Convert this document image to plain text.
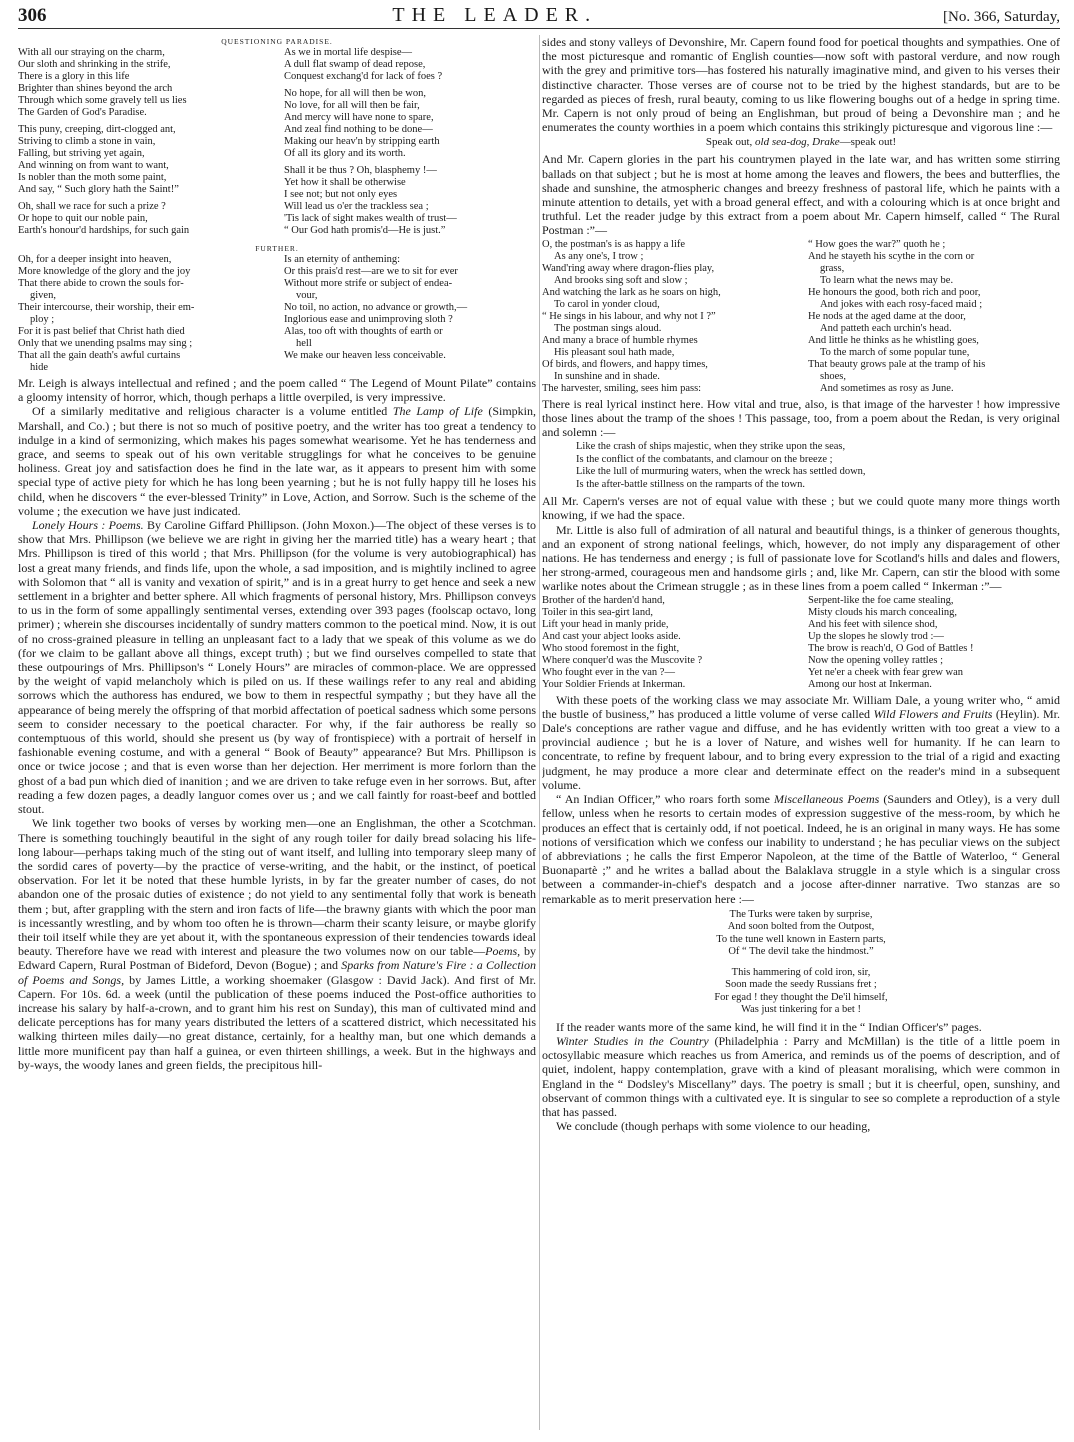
306	THE LEADER.	[No. 366, Saturday,
QUESTIONING PARADISE.
With all our straying on the charm,
Our sloth and shrinking in the strife,
There is a glory in this life
Brighter than shines beyond the arch
Through which some gravely tell us lies
The Garden of God's Paradise.
This puny, creeping, dirt-clogged ant,
Striving to climb a stone in vain,
Falling, but striving yet again,
And winning on from want to want,
Is nobler than the moth some paint,
And say, “ Such glory hath the Saint!”
Oh, shall we race for such a prize ?
Or hope to quit our noble pain,
Earth's honour'd hardships, for such gain
As we in mortal life despise—
A dull flat swamp of dead repose,
Conquest exchang'd for lack of foes ?
No hope, for all will then be won,
No love, for all will then be fair,
And mercy will have none to spare,
And zeal find nothing to be done—
Making our heav'n by stripping earth
Of all its glory and its worth.
Shall it be thus ? Oh, blasphemy !—
Yet how it shall be otherwise
I see not; but not only eyes
Will lead us o'er the trackless sea ;
'Tis lack of sight makes wealth of trust—
“ Our God hath promis'd—He is just.”
FURTHER.
Oh, for a deeper insight into heaven,
More knowledge of the glory and the joy
That there abide to crown the souls for-
given,
Their intercourse, their worship, their em-
ploy ;
For it is past belief that Christ hath died
Only that we unending psalms may sing ;
That all the gain death's awful curtains
hide
Is an eternity of antheming:
Or this prais'd rest—are we to sit for ever
Without more strife or subject of endea-
vour,
No toil, no action, no advance or growth,—
Inglorious ease and unimproving sloth ?
Alas, too oft with thoughts of earth or
hell
We make our heaven less conceivable.

Mr. Leigh is always intellectual and refined ; and the poem called “ The Legend of Mount Pilate” contains a gloomy intensity of horror, which, though perhaps a little overpiled, is very impressive.

Of a similarly meditative and religious character is a volume entitled The Lamp of Life (Simpkin, Marshall, and Co.) ; but there is not so much of positive poetry, and the writer has too great a tendency to indulge in a kind of sermonizing, which makes his pages somewhat wearisome. Yet he has tenderness and grace, and seems to speak out of his own veritable strugglings for what he conceives to be genuine holiness. Great joy and satisfaction does he find in the late war, as it appears to present him with some special type of active piety for which he has long been yearning ; but he is not fully happy till he loses his child, when he discovers “ the ever-blessed Trinity” in Love, Action, and Sorrow. Such is the scheme of the volume ; the execution we have just indicated.

Lonely Hours : Poems. By Caroline Giffard Phillipson. (John Moxon.)—The object of these verses is to show that Mrs. Phillipson (we believe we are right in giving her the married title) has a weary heart ; that Mrs. Phillipson is tired of this world ; that Mrs. Phillipson (for the volume is very autobiographical) has lost a great many friends, and finds life, upon the whole, a sad imposition, and is mightily inclined to agree with Solomon that “ all is vanity and vexation of spirit,” and is in a great hurry to get hence and seek a new settlement in a brighter and better sphere. All which fragments of personal history, Mrs. Phillipson conveys to us in the form of some appallingly sentimental verses, extending over 393 pages (foolscap octavo, long primer) ; wherein she discourses incidentally of sundry matters common to the poetical mind. Now, it is out of no cross-grained pleasure in telling an unpleasant fact to a lady that we speak of this volume as we do (for we claim to be gallant above all things, except truth) ; but we find ourselves compelled to state that these outpourings of Mrs. Phillipson's “ Lonely Hours” are miracles of common-place. We are oppressed by the weight of vapid melancholy which is piled on us. If these wailings refer to any real and abiding sorrows which the authoress has endured, we bow to them in respectful sympathy ; but they have all the appearance of being merely the offspring of that morbid affectation of poetical sadness which some persons seem to consider necessary to the poetical character. For why, if the fair authoress be really so contemptuous of this world, should she present us (by way of frontispiece) with a portrait of herself in fashionable evening costume, and with a general “ Book of Beauty” appearance? But Mrs. Phillipson is once or twice jocose ; and that is even worse than her dejection. Her merriment is more forlorn than the ghost of a bad pun which died of inanition ; and we are driven to take refuge even in her sorrows. But, after reading a few dozen pages, a deadly languor comes over us ; and we call faintly for roast-beef and bottled stout.

We link together two books of verses by working men—one an Englishman, the other a Scotchman. There is something touchingly beautiful in the sight of any rough toiler for daily bread solacing his life-long labour—perhaps taking much of the sting out of want itself, and lulling into temporary sleep many of the sordid cares of poverty—by the practice of verse-writing, and the habit, or the instinct, of poetical observation. For let it be noted that these humble lyrists, in by far the greater number of cases, do not abandon one of the prosaic duties of existence ; do not yield to any sentimental folly that work is beneath them ; but, after grappling with the stern and iron facts of life—the brawny giants with which the poor man is incessantly wrestling, and by whom too often he is thrown—charm their scanty leisure, or maybe glorify their toil itself while they are yet about it, with the spontaneous expression of their tendencies towards ideal beauty. Therefore have we read with interest and pleasure the two volumes now on our table—Poems, by Edward Capern, Rural Postman of Bideford, Devon (Bogue) ; and Sparks from Nature's Fire : a Collection of Poems and Songs, by James Little, a working shoemaker (Glasgow : David Jack). And first of Mr. Capern. For 10s. 6d. a week (until the publication of these poems induced the Post-office authorities to increase his salary by half-a-crown, and to grant him his rest on Sunday), this man of cultivated mind and delicate perceptions has for many years distributed the letters of a scattered district, which necessitated his walking thirteen miles daily—no great distance, certainly, for a healthy man, but one which demands a little more munificent pay than half a guinea, or even thirteen shillings, a week. But in the highways and by-ways, the woody lanes and green fields, the precipitous hill-

sides and stony valleys of Devonshire, Mr. Capern found food for poetical thoughts and sympathies. One of the most picturesque and romantic of English counties—now soft with pastoral verdure, and now rough with the grey and primitive tors—has fostered his naturally imaginative mind, and given to his verses their distinctive character. Those verses are of course not to be tried by the highest standards, but are to be regarded as pieces of fresh, rural beauty, coming to us like flowering boughs out of a hedge in spring time. Mr. Capern is not only proud of being an Englishman, but proud of being a Devonshire man ; and he enumerates the county worthies in a poem which contains this strikingly picturesque and vigorous line :—

Speak out, old sea-dog, Drake—speak out!

And Mr. Capern glories in the part his countrymen played in the late war, and has written some stirring ballads on that subject ; but he is most at home among the leaves and flowers, the bees and butterflies, the shade and sunshine, the atmospheric changes and breezy freshness of pastoral life, which he paints with a minute attention to details, yet with a broad general effect, and with a colouring which is at once bright and truthful. Let the reader judge by this extract from a poem about Mr. Capern himself, called “ The Rural Postman :”—

O, the postman's is as happy a life
As any one's, I trow ;
Wand'ring away where dragon-flies play,
And brooks sing soft and slow ;
And watching the lark as he soars on high,
To carol in yonder cloud,
“ He sings in his labour, and why not I ?”
The postman sings aloud.
And many a brace of humble rhymes
His pleasant soul hath made,
Of birds, and flowers, and happy times,
In sunshine and in shade.
The harvester, smiling, sees him pass:
“ How goes the war?” quoth he ;
And he stayeth his scythe in the corn or
grass,
To learn what the news may be.
He honours the good, both rich and poor,
And jokes with each rosy-faced maid ;
He nods at the aged dame at the door,
And patteth each urchin's head.
And little he thinks as he whistling goes,
To the march of some popular tune,
That beauty grows pale at the tramp of his
shoes,
And sometimes as rosy as June.

There is real lyrical instinct here. How vital and true, also, is that image of the harvester ! how impressive those lines about the tramp of the shoes ! This passage, too, from a poem about the Redan, is very original and solemn :—

Like the crash of ships majestic, when they strike upon the seas,
Is the conflict of the combatants, and clamour on the breeze ;
Like the lull of murmuring waters, when the wreck has settled down,
Is the after-battle stillness on the ramparts of the town.

All Mr. Capern's verses are not of equal value with these ; but we could quote many more things worth knowing, if we had the space.

Mr. Little is also full of admiration of all natural and beautiful things, is a thinker of generous thoughts, and an exponent of strong national feelings, which, however, do not imply any disparagement of other nations. He has tenderness and energy ; is full of passionate love for Scotland's hills and dales and flowers, her strong-armed, courageous men and handsome girls ; and, like Mr. Capern, can stir the blood with some warlike notes about the Crimean struggle ; as in these lines from a poem called “ Inkerman :”—

Brother of the harden'd hand,
Toiler in this sea-girt land,
Lift your head in manly pride,
And cast your abject looks aside.
Who stood foremost in the fight,
Where conquer'd was the Muscovite ?
Who fought ever in the van ?—
Your Soldier Friends at Inkerman.
Serpent-like the foe came stealing,
Misty clouds his march concealing,
And his feet with silence shod,
Up the slopes he slowly trod :—
The brow is reach'd, O God of Battles !
Now the opening volley rattles ;
Yet ne'er a cheek with fear grew wan
Among our host at Inkerman.

With these poets of the working class we may associate Mr. William Dale, a young writer who, “ amid the bustle of business,” has produced a little volume of verse called Wild Flowers and Fruits (Heylin). Mr. Dale's conceptions are rather vague and diffuse, and he has evidently written with too great a view to a provincial audience ; but he is a lover of Nature, and wishes well for humanity. If he can learn to concentrate, to refine by frequent labour, and to bring every expression to the trial of a rigid and exacting judgment, he may produce a more clear and determinate effect on the reader's mind in a subsequent volume.

“ An Indian Officer,” who roars forth some Miscellaneous Poems (Saunders and Otley), is a very dull fellow, unless when he resorts to certain modes of expression suggestive of the mess-room, by which he produces an effect that is certainly odd, if not poetical. Indeed, he is an original in many ways. He has some notions of versification which we confess our inability to understand ; he has peculiar views on the subject of abbreviations ; he calls the first Emperor Napoleon, at the time of the Battle of Waterloo, “ General Buonapartè ;” and he writes a ballad about the Balaklava struggle in a style which is a singular cross between a commander-in-chief's despatch and a jocose after-dinner narrative. Two stanzas are so remarkable as to merit preservation here :—

The Turks were taken by surprise,
And soon bolted from the Outpost,
To the tune well known in Eastern parts,
Of “ The devil take the hindmost.”
This hammering of cold iron, sir,
Soon made the seedy Russians fret ;
For egad ! they thought the De'il himself,
Was just tinkering for a bet !

If the reader wants more of the same kind, he will find it in the “ Indian Officer's” pages.

Winter Studies in the Country (Philadelphia : Parry and McMillan) is the title of a little poem in octosyllabic measure which reaches us from America, and reminds us of the poems of description, and of quiet, indolent, happy contemplation, grave with a kind of pleasant moralising, which were common in England in the “ Dodsley's Miscellany” days. The poetry is small ; but it is cheerful, open, sunshiny, and observant of common things with a cultivated eye. It is singular to see so complete a reproduction of a style that has passed.

We conclude (though perhaps with some violence to our heading,
